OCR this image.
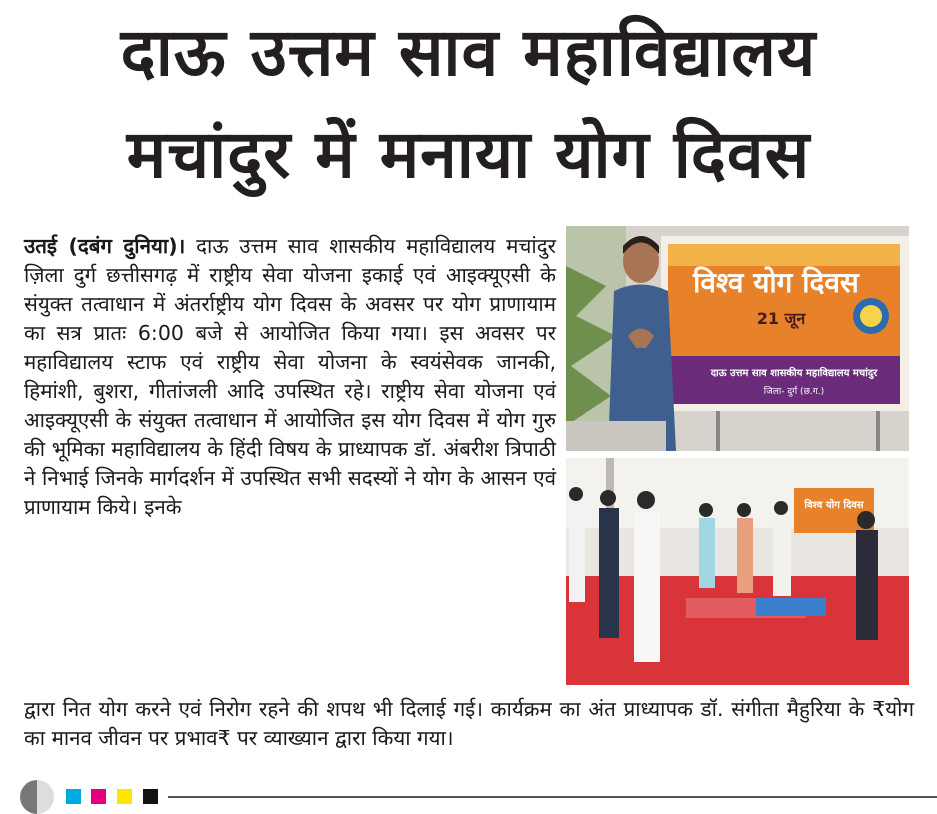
दाऊ उत्तम साव महाविद्यालय
मचांदुर में मनाया योग दिवस
उतई (दबंग दुनिया)। दाऊ उत्तम साव शासकीय महाविद्यालय मचांदुर ज़िला दुर्ग छत्तीसगढ़ में राष्ट्रीय सेवा योजना इकाई एवं आइक्यूएसी के संयुक्त तत्वाधान में अंतर्राष्ट्रीय योग दिवस के अवसर पर योग प्राणायाम का सत्र प्रातः 6:00 बजे से आयोजित किया गया। इस अवसर पर महाविद्यालय स्टाफ एवं राष्ट्रीय सेवा योजना के स्वयंसेवक जानकी, हिमांशी, बुशरा, गीतांजली आदि उपस्थित रहे। राष्ट्रीय सेवा योजना एवं आइक्यूएसी के संयुक्त तत्वाधान में आयोजित इस योग दिवस में योग गुरु की भूमिका महाविद्यालय के हिंदी विषय के प्राध्यापक डॉ. अंबरीश त्रिपाठी ने निभाई जिनके मार्गदर्शन में उपस्थित सभी सदस्यों ने योग के आसन एवं प्राणायाम किये। इनके
विश्व योग दिवस
21 जून
दाऊ उत्तम साव शासकीय महाविद्यालय मचांदुर
जिला- दुर्ग (छ.ग.)
विश्व योग दिवस
द्वारा नित योग करने एवं निरोग रहने की शपथ भी दिलाई गई। कार्यक्रम का अंत प्राध्यापक डॉ. संगीता मैहुरिया के ₹योग का मानव जीवन पर प्रभाव₹ पर व्याख्यान द्वारा किया गया।
